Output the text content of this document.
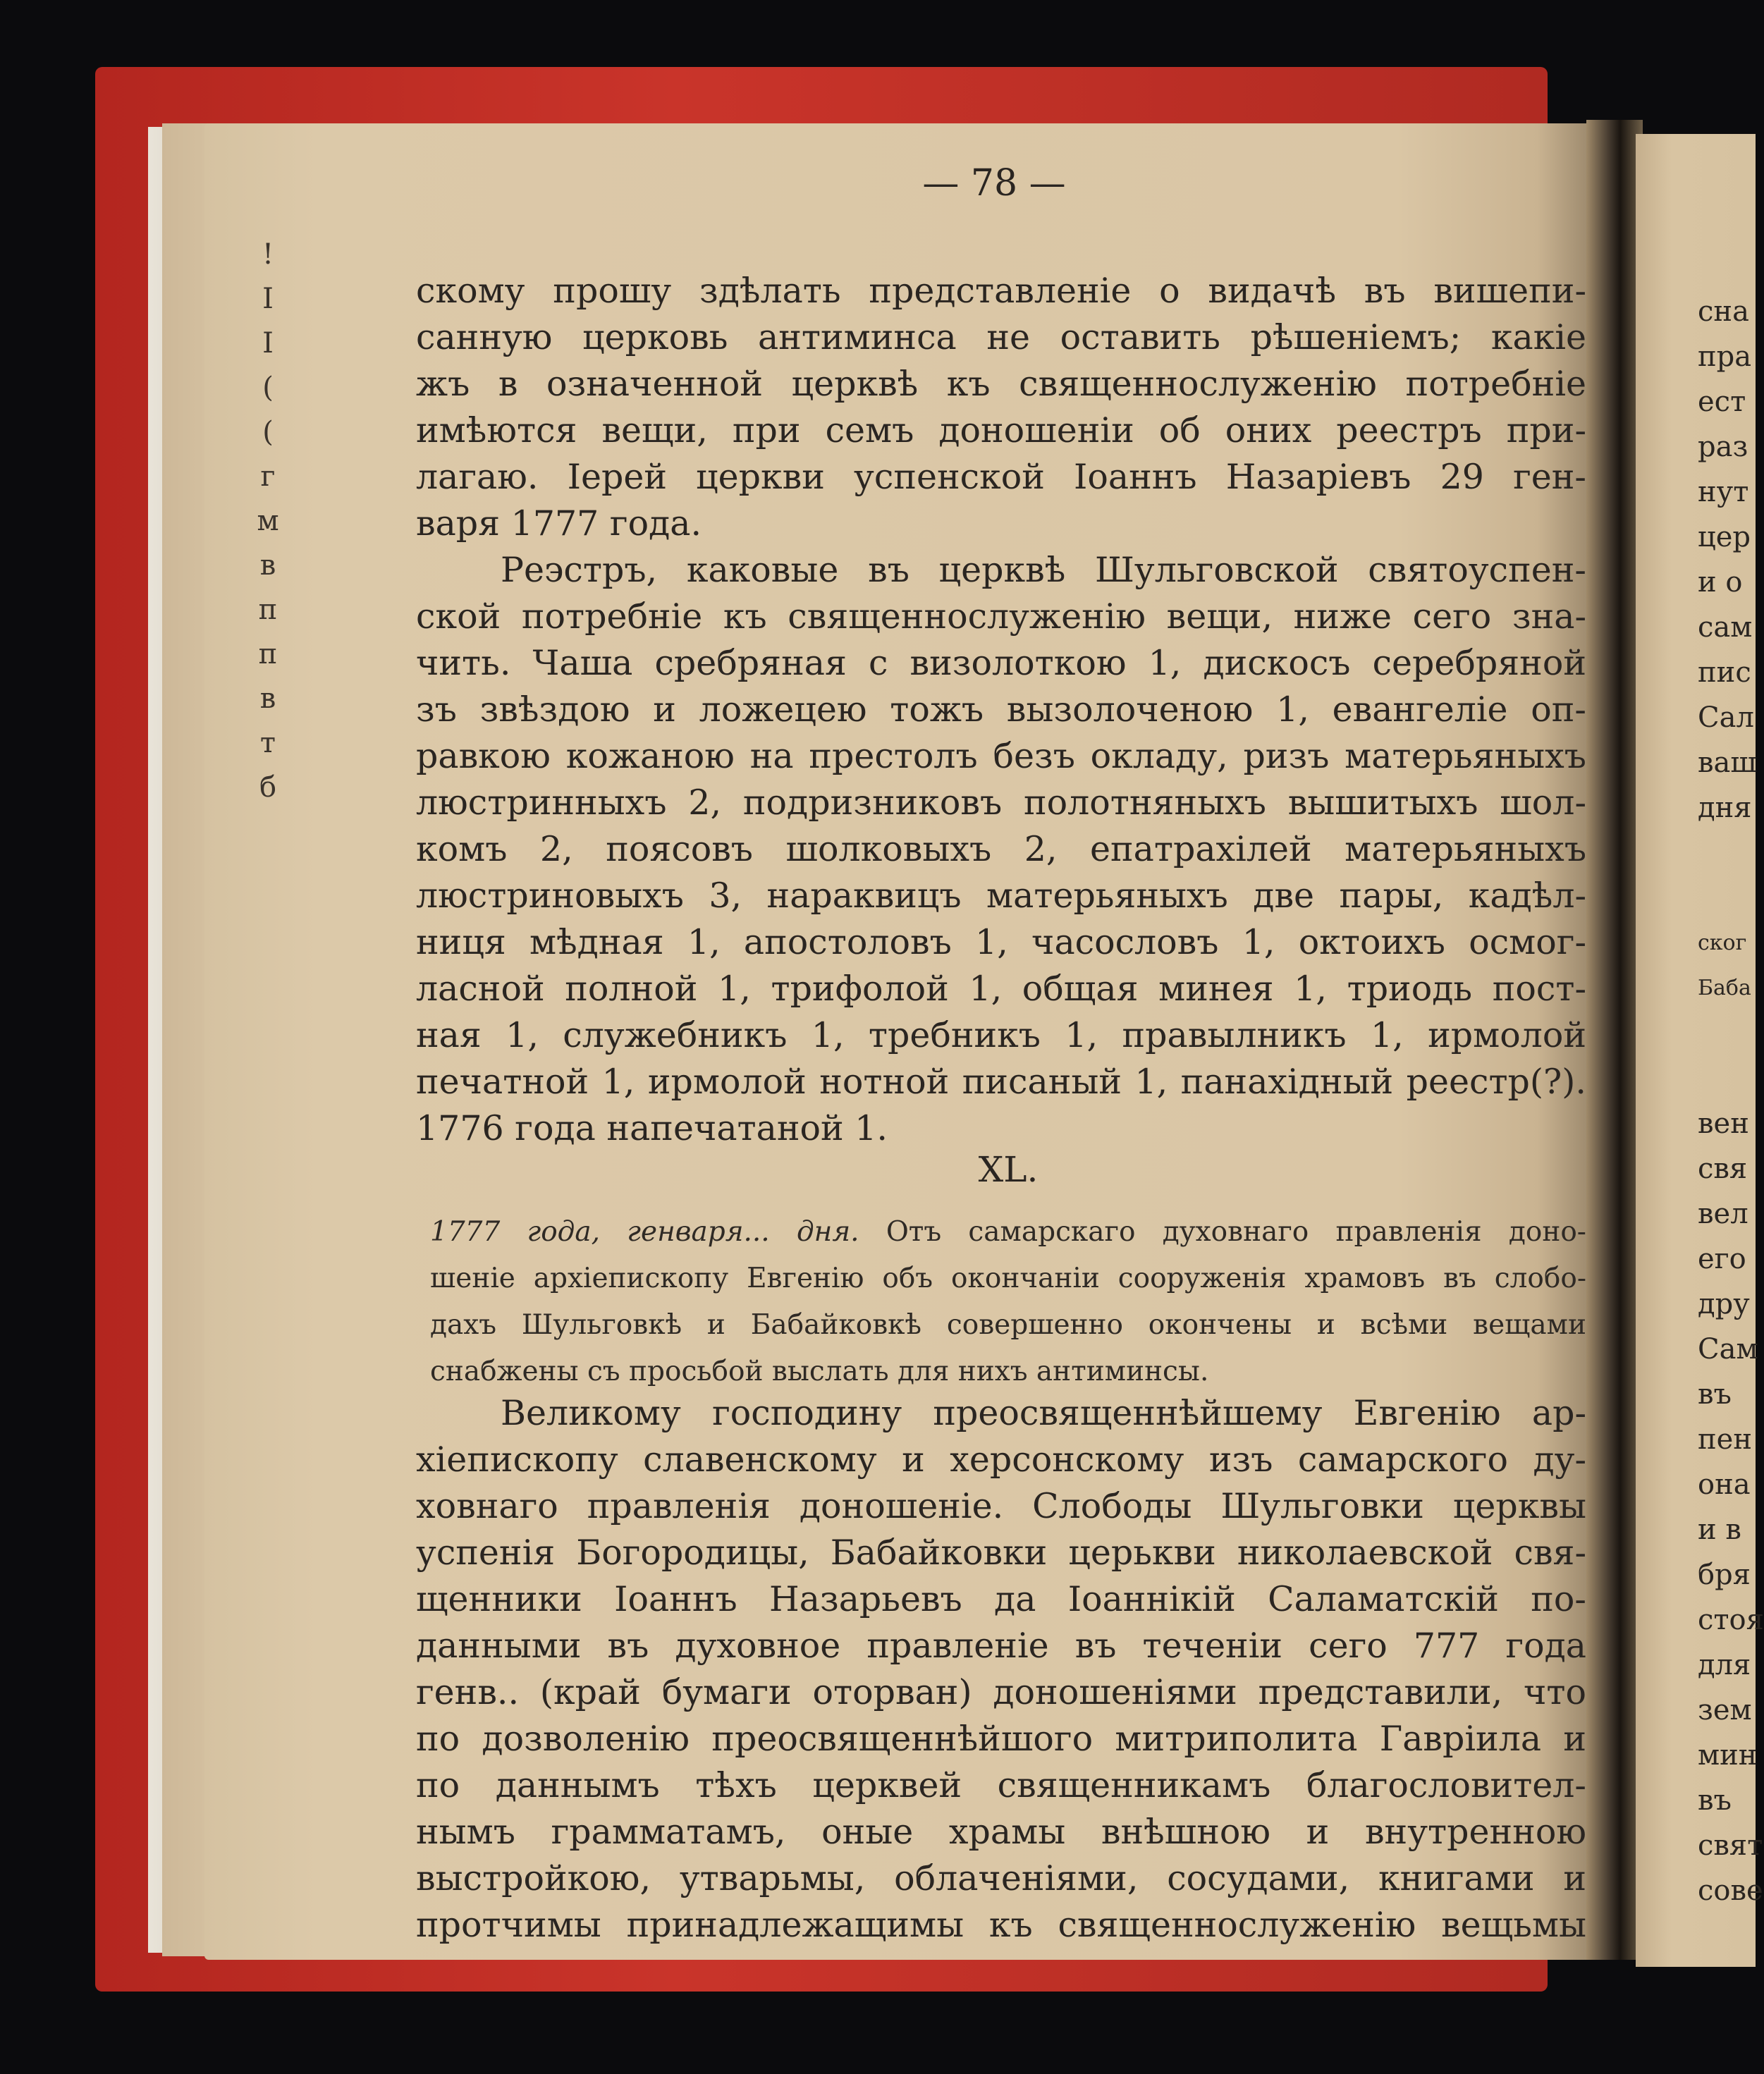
!
I
I
(
(
г
м
в
п
п
в
т
б
— 78 —
скому прошу здѣлать представленіе о видачѣ въ вишепи-
санную церковь антиминса не оставить рѣшеніемъ; какіе
жъ в означенной церквѣ къ священнослуженію потребніе
имѣются вещи, при семъ доношеніи об оних реестръ при-
лагаю. Іерей церкви успенской Іоаннъ Назаріевъ 29 ген-
варя 1777 года.
Реэстръ, каковые въ церквѣ Шульговской святоуспен-
ской потребніе къ священнослуженію вещи, ниже сего зна-
чить. Чаша сребряная с визолоткою 1, дискосъ серебряной
зъ звѣздою и ложецею тожъ вызолоченою 1, евангеліе оп-
равкою кожаною на престолъ безъ окладу, ризъ матерьяныхъ
люстринныхъ 2, подризниковъ полотняныхъ вышитыхъ шол-
комъ 2, поясовъ шолковыхъ 2, епатрахілей матерьяныхъ
люстриновыхъ 3, нараквицъ матерьяныхъ две пары, кадѣл-
ниця мѣдная 1, апостоловъ 1, часословъ 1, октоихъ осмог-
ласной полной 1, трифолой 1, общая минея 1, триодь пост-
ная 1, служебникъ 1, требникъ 1, правылникъ 1, ирмолой
печатной 1, ирмолой нотной писаный 1, панахідный реестр(?).
1776 года напечатаной 1.
XL.
1777 года, генваря... дня. Отъ самарскаго духовнаго правленія доно-
шеніе архіепископу Евгенію объ окончаніи сооруженія храмовъ въ слобо-
дахъ Шульговкѣ и Бабайковкѣ совершенно окончены и всѣми вещами
снабжены съ просьбой выслать для нихъ антиминсы.
Великому господину преосвященнѣйшему Евгенію ар-
хіепископу славенскому и херсонскому изъ самарского ду-
ховнаго правленія доношеніе. Слободы Шульговки церквы
успенія Богородицы, Бабайковки церькви николаевской свя-
щенники Іоаннъ Назарьевъ да Іоаннікій Саламатскій по-
данными въ духовное правленіе въ теченіи сего 777 года
генв.. (край бумаги оторван) доношеніями представили, что
по дозволенію преосвященнѣйшого митриполита Гавріила и
по даннымъ тѣхъ церквей священникамъ благословител-
нымъ грамматамъ, оные храмы внѣшною и внутренною
выстройкою, утварьмы, облаченіями, сосудами, книгами и
протчимы принадлежащимы къ священнослуженію вещьмы
сна
пра
ест
раз
нут
цер
и о
сам
пис
Сал
ваш
дня
ског
Баба
вен
свя
вел
его
дру
Сам
въ
пен
она
и в
бря
стоя
для
зем
мин
въ
свят
сове
